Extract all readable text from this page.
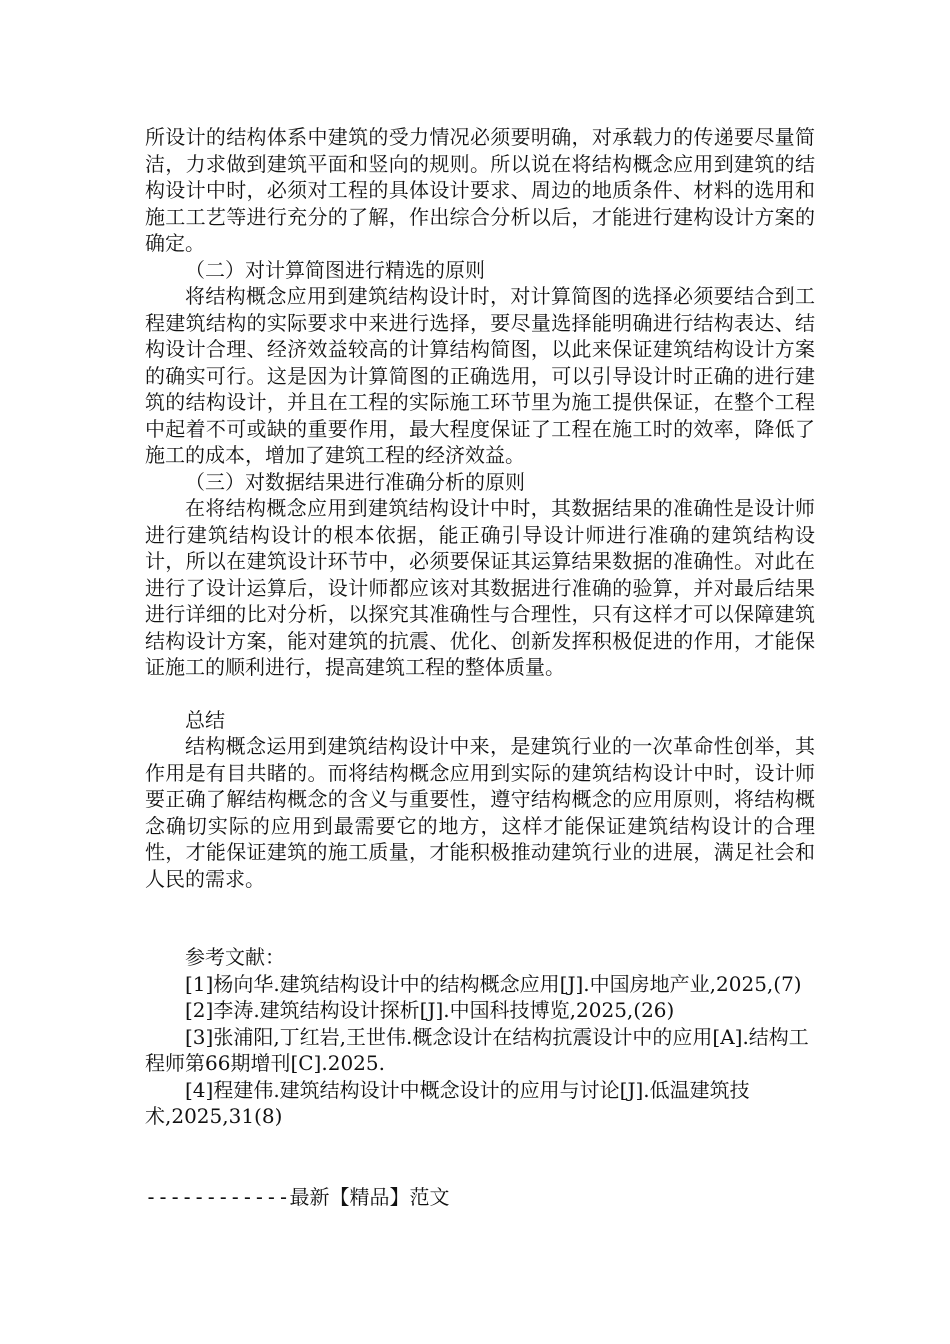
所设计的结构体系中建筑的受力情况必须要明确，对承载力的传递要尽量简洁，力求做到建筑平面和竖向的规则。所以说在将结构概念应用到建筑的结构设计中时，必须对工程的具体设计要求、周边的地质条件、材料的选用和施工工艺等进行充分的了解，作出综合分析以后，才能进行建构设计方案的确定。

（二）对计算简图进行精选的原则

将结构概念应用到建筑结构设计时，对计算简图的选择必须要结合到工程建筑结构的实际要求中来进行选择，要尽量选择能明确进行结构表达、结构设计合理、经济效益较高的计算结构简图，以此来保证建筑结构设计方案的确实可行。这是因为计算简图的正确选用，可以引导设计时正确的进行建筑的结构设计，并且在工程的实际施工环节里为施工提供保证，在整个工程中起着不可或缺的重要作用，最大程度保证了工程在施工时的效率，降低了施工的成本，增加了建筑工程的经济效益。

（三）对数据结果进行准确分析的原则

在将结构概念应用到建筑结构设计中时，其数据结果的准确性是设计师进行建筑结构设计的根本依据，能正确引导设计师进行准确的建筑结构设计，所以在建筑设计环节中，必须要保证其运算结果数据的准确性。对此在进行了设计运算后，设计师都应该对其数据进行准确的验算，并对最后结果进行详细的比对分析，以探究其准确性与合理性，只有这样才可以保障建筑结构设计方案，能对建筑的抗震、优化、创新发挥积极促进的作用，才能保证施工的顺利进行，提高建筑工程的整体质量。

总结

结构概念运用到建筑结构设计中来，是建筑行业的一次革命性创举，其作用是有目共睹的。而将结构概念应用到实际的建筑结构设计中时，设计师要正确了解结构概念的含义与重要性，遵守结构概念的应用原则，将结构概念确切实际的应用到最需要它的地方，这样才能保证建筑结构设计的合理性，才能保证建筑的施工质量，才能积极推动建筑行业的进展，满足社会和人民的需求。

参考文献：

[1]杨向华.建筑结构设计中的结构概念应用[J].中国房地产业,2025,(7)

[2]李涛.建筑结构设计探析[J].中国科技博览,2025,(26)

[3]张浦阳,丁红岩,王世伟.概念设计在结构抗震设计中的应用[A].结构工程师第66期增刊[C].2025.

[4]程建伟.建筑结构设计中概念设计的应用与讨论[J].低温建筑技术,2025,31(8)

------------最新【精品】范文
